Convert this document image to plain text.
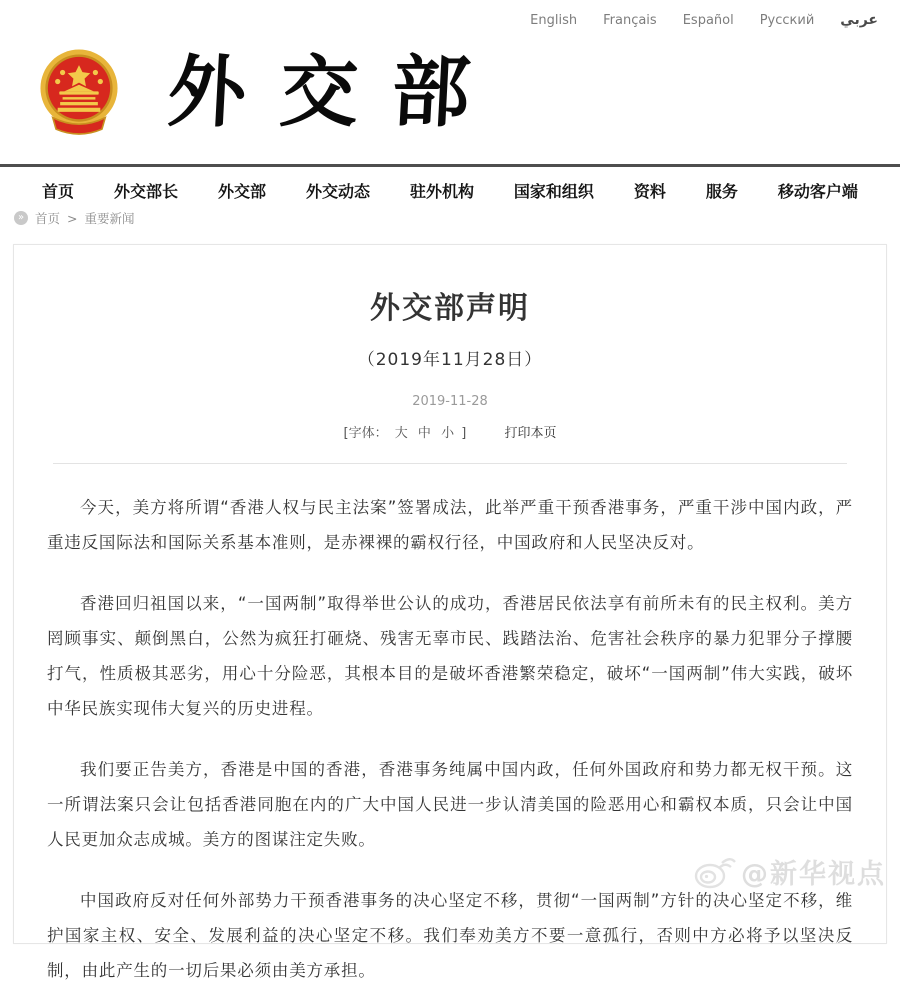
English Français Español Русский عربي
外交部
首页 外交部长 外交部 外交动态 驻外机构 国家和组织 资料 服务 移动客户端
» 首页 > 重要新闻
外交部声明
（2019年11月28日）
2019-11-28
[字体： 大 中 小 ]	打印本页

今天，美方将所谓“香港人权与民主法案”签署成法，此举严重干预香港事务，严重干涉中国内政，严重违反国际法和国际关系基本准则，是赤裸裸的霸权行径，中国政府和人民坚决反对。

香港回归祖国以来，“一国两制”取得举世公认的成功，香港居民依法享有前所未有的民主权利。美方罔顾事实、颠倒黑白，公然为疯狂打砸烧、残害无辜市民、践踏法治、危害社会秩序的暴力犯罪分子撑腰打气，性质极其恶劣，用心十分险恶，其根本目的是破坏香港繁荣稳定，破坏“一国两制”伟大实践，破坏中华民族实现伟大复兴的历史进程。

我们要正告美方，香港是中国的香港，香港事务纯属中国内政，任何外国政府和势力都无权干预。这一所谓法案只会让包括香港同胞在内的广大中国人民进一步认清美国的险恶用心和霸权本质，只会让中国人民更加众志成城。美方的图谋注定失败。

中国政府反对任何外部势力干预香港事务的决心坚定不移，贯彻“一国两制”方针的决心坚定不移，维护国家主权、安全、发展利益的决心坚定不移。我们奉劝美方不要一意孤行，否则中方必将予以坚决反制，由此产生的一切后果必须由美方承担。

@新华视点
